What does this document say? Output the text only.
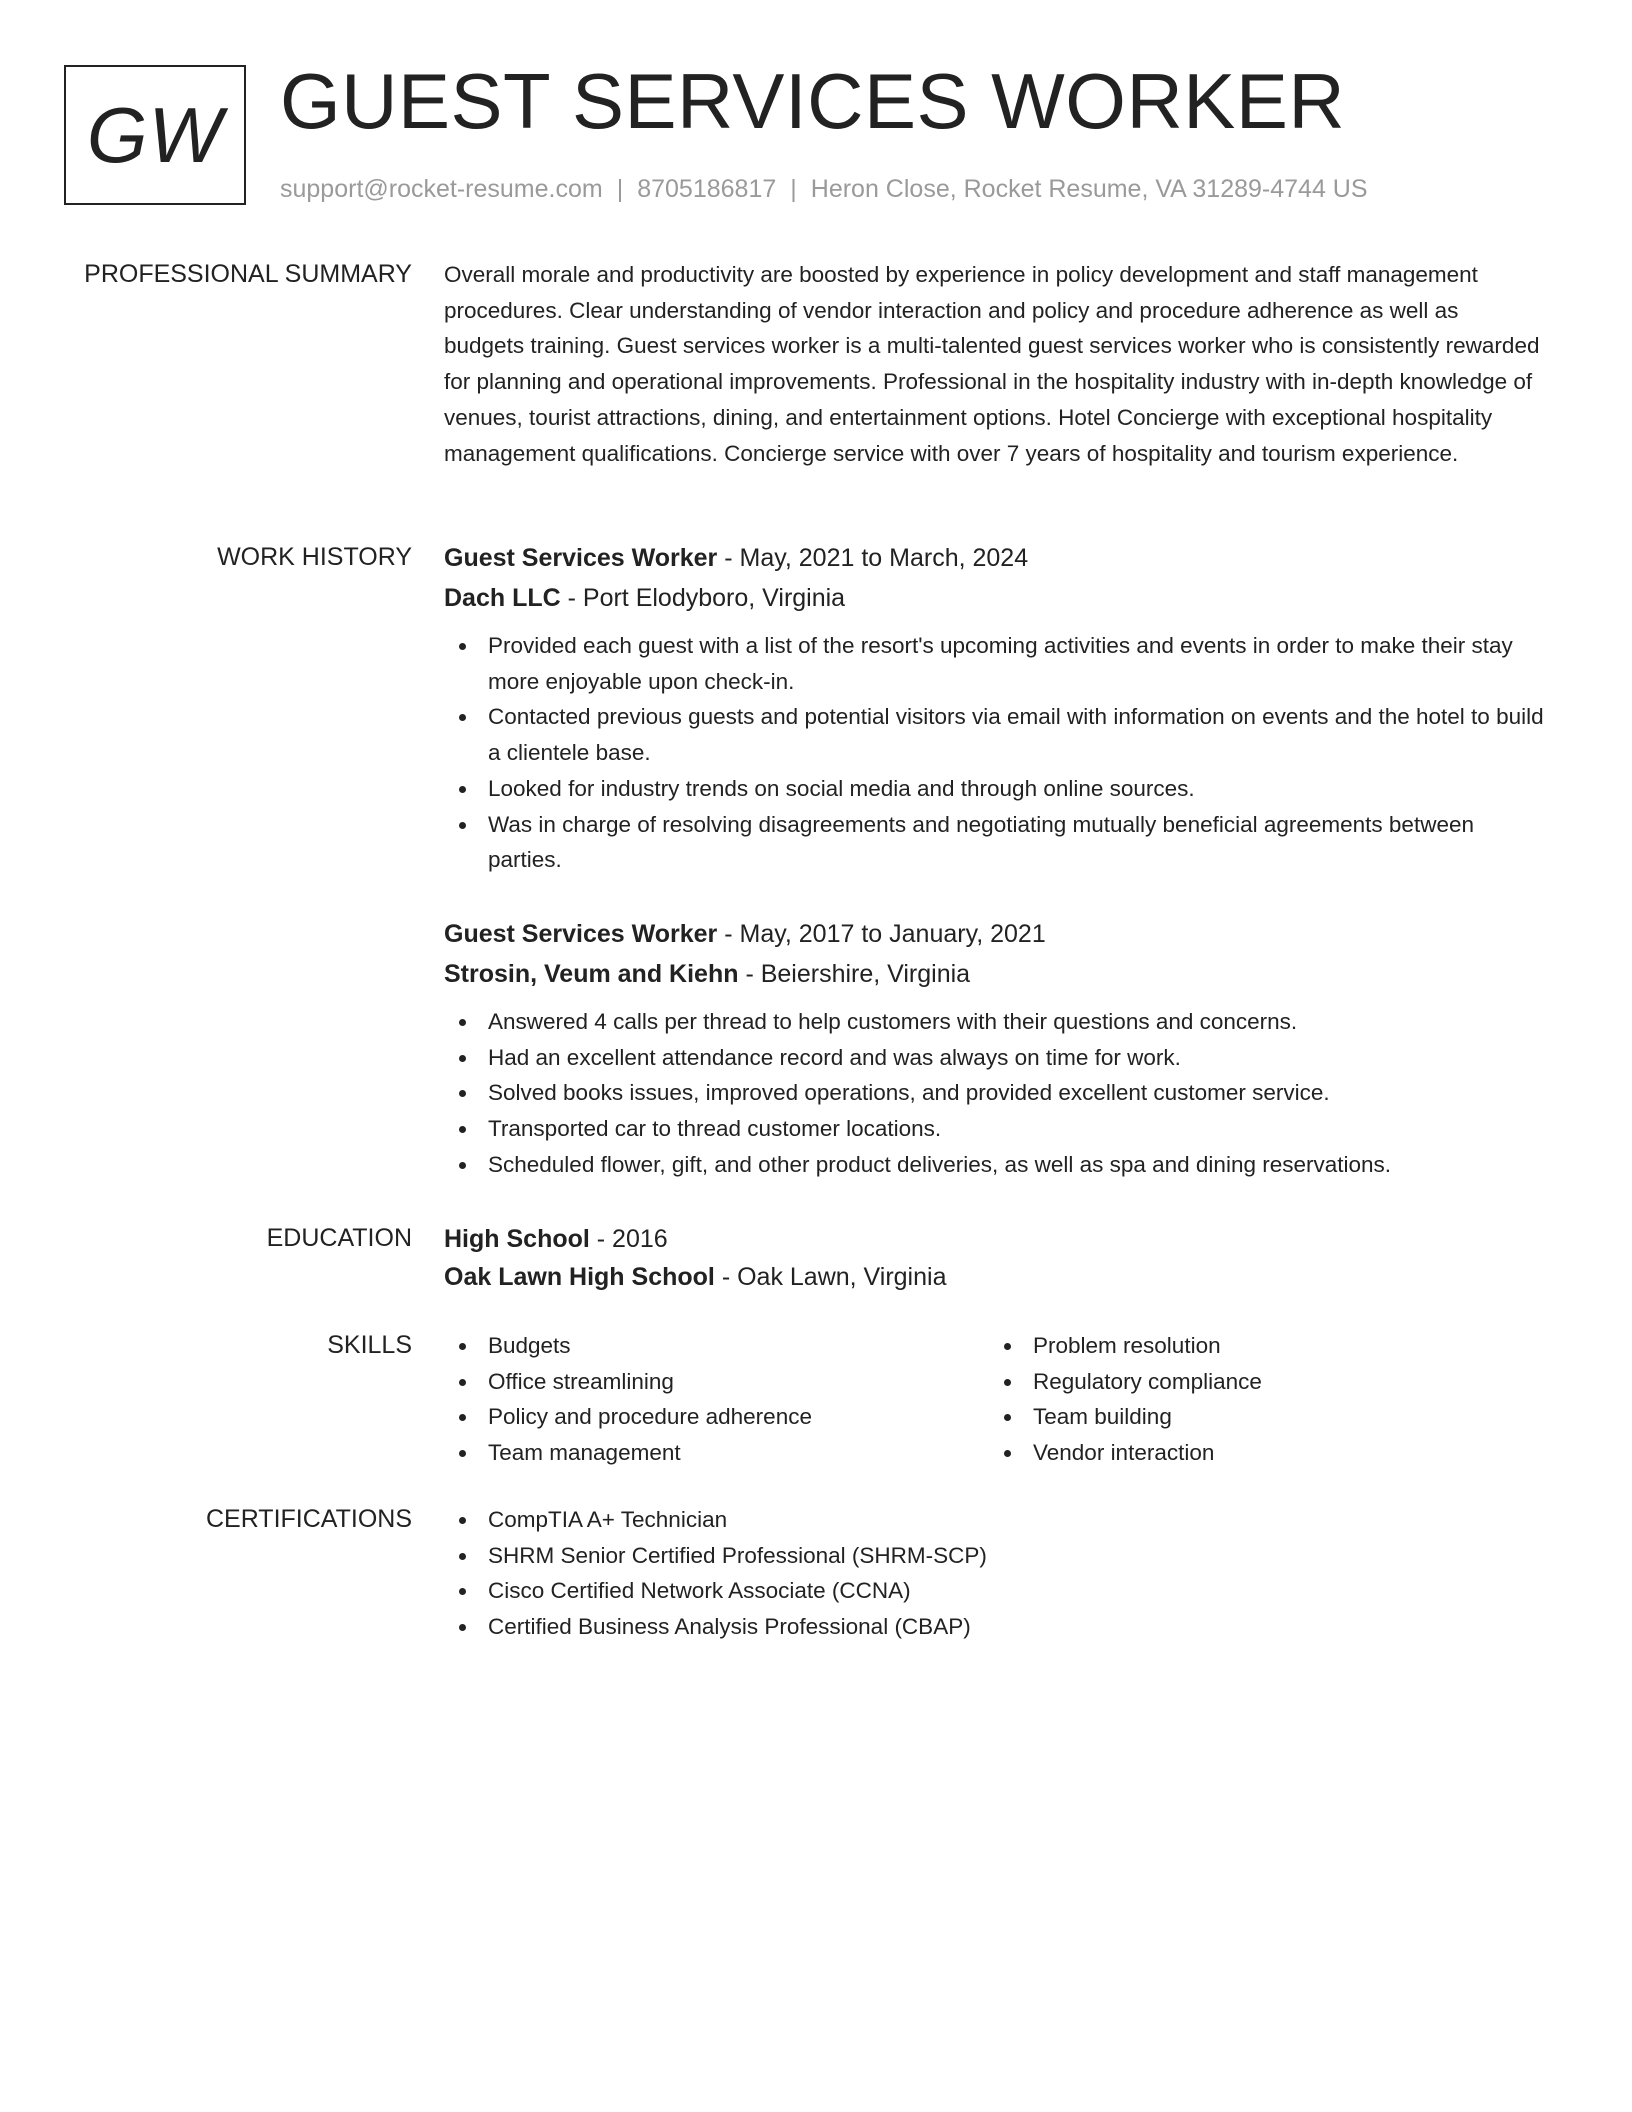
GW GUEST SERVICES WORKER
support@rocket-resume.com | 8705186817 | Heron Close, Rocket Resume, VA 31289-4744 US
PROFESSIONAL SUMMARY Overall morale and productivity are boosted by experience in policy development and staff management procedures. Clear understanding of vendor interaction and policy and procedure adherence as well as budgets training. Guest services worker is a multi-talented guest services worker who is consistently rewarded for planning and operational improvements. Professional in the hospitality industry with in-depth knowledge of venues, tourist attractions, dining, and entertainment options. Hotel Concierge with exceptional hospitality management qualifications. Concierge service with over 7 years of hospitality and tourism experience.

WORK HISTORY Guest Services Worker - May, 2021 to March, 2024
Dach LLC - Port Elodyboro, Virginia
Provided each guest with a list of the resort's upcoming activities and events in order to make their stay more enjoyable upon check-in.
Contacted previous guests and potential visitors via email with information on events and the hotel to build a clientele base.
Looked for industry trends on social media and through online sources.
Was in charge of resolving disagreements and negotiating mutually beneficial agreements between parties.
Guest Services Worker - May, 2017 to January, 2021
Strosin, Veum and Kiehn - Beiershire, Virginia
Answered 4 calls per thread to help customers with their questions and concerns.
Had an excellent attendance record and was always on time for work.
Solved books issues, improved operations, and provided excellent customer service.
Transported car to thread customer locations.
Scheduled flower, gift, and other product deliveries, as well as spa and dining reservations.
EDUCATION High School - 2016
Oak Lawn High School - Oak Lawn, Virginia
SKILLS	Budgets
Office streamlining
Policy and procedure adherence
Team management
Problem resolution
Regulatory compliance
Team building
Vendor interaction
CERTIFICATIONS	CompTIA A+ Technician
SHRM Senior Certified Professional (SHRM-SCP)
Cisco Certified Network Associate (CCNA)
Certified Business Analysis Professional (CBAP)
